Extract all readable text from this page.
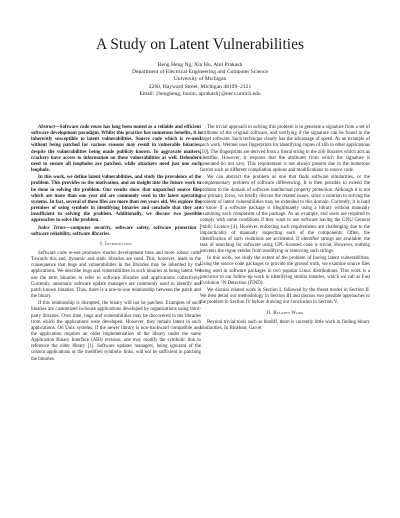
A Study on Latent Vulnerabilities
Beng Heng Ng, Xin Hu, Atul Prakash
Department of Electrical Engineering and Computer Science
University of Michigan
2260, Hayward Street, Michigan 48109–2121
Email: {bengheng, huxin, aprakash}@eecs.umich.edu

Abstract—Software code reuse has long been touted as a reliable and efficient software development paradigm. Whilst this practice has numerous benefits, it is inherently susceptible to latent vulnerabilities. Source code which is re-used without being patched for various reasons may result in vulnerable binaries, despite the vulnerabilities being made publicly known. To aggravate matters, crackers have access to information on these vulnerabilities as well. Defenders need to ensure all loopholes are patched, while attackers need just one such loophole.

In this work, we define latent vulnerabilities, and study the prevalence of the problem. This provides us the motivation, and an insight into the future work to be done in solving the problem. Our results show that unpatched source files which are more than one year old are commonly used in the latest operating systems. In fact, several of these files are more than ten years old. We explore the premises of using symbols in identifying binaries and conclude that they are insufficient in solving the problem. Additionally, we discuss two possible approaches to solve the problem.

Index Terms—computer security, software safety, software protection , software reliability, software libraries.

I. Introduction

Software code re-use promotes shorter development time and more robust code. Towards this end, dynamic and static libraries are used. This, however, leads to the consequence that bugs and vulnerabilities in the libraries may be inherited by the applications. We describe bugs and vulnerabilities in such binaries as being latent. We use the term binaries to refer to software libraries and applications collectively. Currently, automatic software update managers are commonly used to identify and patch known binaries. Thus, there is a one-to-one relationship between the patch and the binary.

If this relationship is disrupted, the binary will not be patched. Examples of such binaries are customized in-house applications developed by organizations using third-party libraries. Over time, bugs and vulnerabilities may be discovered in the libraries from which the applications were developed. However, they remain latent in such applications. On Unix systems, if the newer library is non-backward compatible and the application requires an older implementation of the library under the same Application Binary Interface (ABI) revision, one may modify the symbolic link to reference the older library [1]. Software updates managers, being ignorant of the custom applications or the modified symbolic links, will not be sufficient in patching the binaries.

The trivial approach to solving this problem is to generate a signature from a set of attributes of the original software, and verifying if the signature can be found in the target software. Such technique clearly has the advantage of speed. As an example of such work, Weimer uses fingerprints for identifying copies of zlib in other applications [10]. The fingerprints are derived from a literal string in the zlib libraries which acts as identifier. However, it requires that the attributes from which the signature is generated do not vary. This requirement is not always present due to the numerous factors such as different compilation options and modifications to source code.

We can abstract the problem as one that finds software similarities, or the complementary problem of software differencing. It is then possible to extend the problem to the domain of software intellectual property protection. Although it is not our primary focus, we briefly discuss the related issues, since a solution to solving the problem of latent vulnerabilities may be extended to this domain. Currently, it is hard to know if a software package is illegitimately using a library without manually examining each component of the package. As an example, end users are required to comply with some conditions if they want to use software having the GNU General Public Licence [4]. However, enforcing such requirements are challenging due to the impracticality of manually inspecting each of the components. Often, the identification of such violations are accidental. If identifier strings are available, the task of searching for software using GPL-licensed code is trivial. However, nothing prevents the rogue vendor from modifying or removing such strings.

In this work, we study the extent of the problem of having latent vulnerabilities. Using the source code packages to provide the ground truth, we examine source files being used in software packages in two popular Linux distributions. This work is a precursor to our follow-up work in identifying similar binaries, which we call as Fast Evolution ^N Detection (FIND).

We discuss related work in Section I, followed by the threat model in Section II. We then detail our methodology in Section III and discuss two possible approaches to the problem in Section IV before drawing our conclusion in Section V.

II. Related Work

Beyond trivial tools such as bindiff, there is currently little work in finding binary similarities. In BinHunt, Gao et
